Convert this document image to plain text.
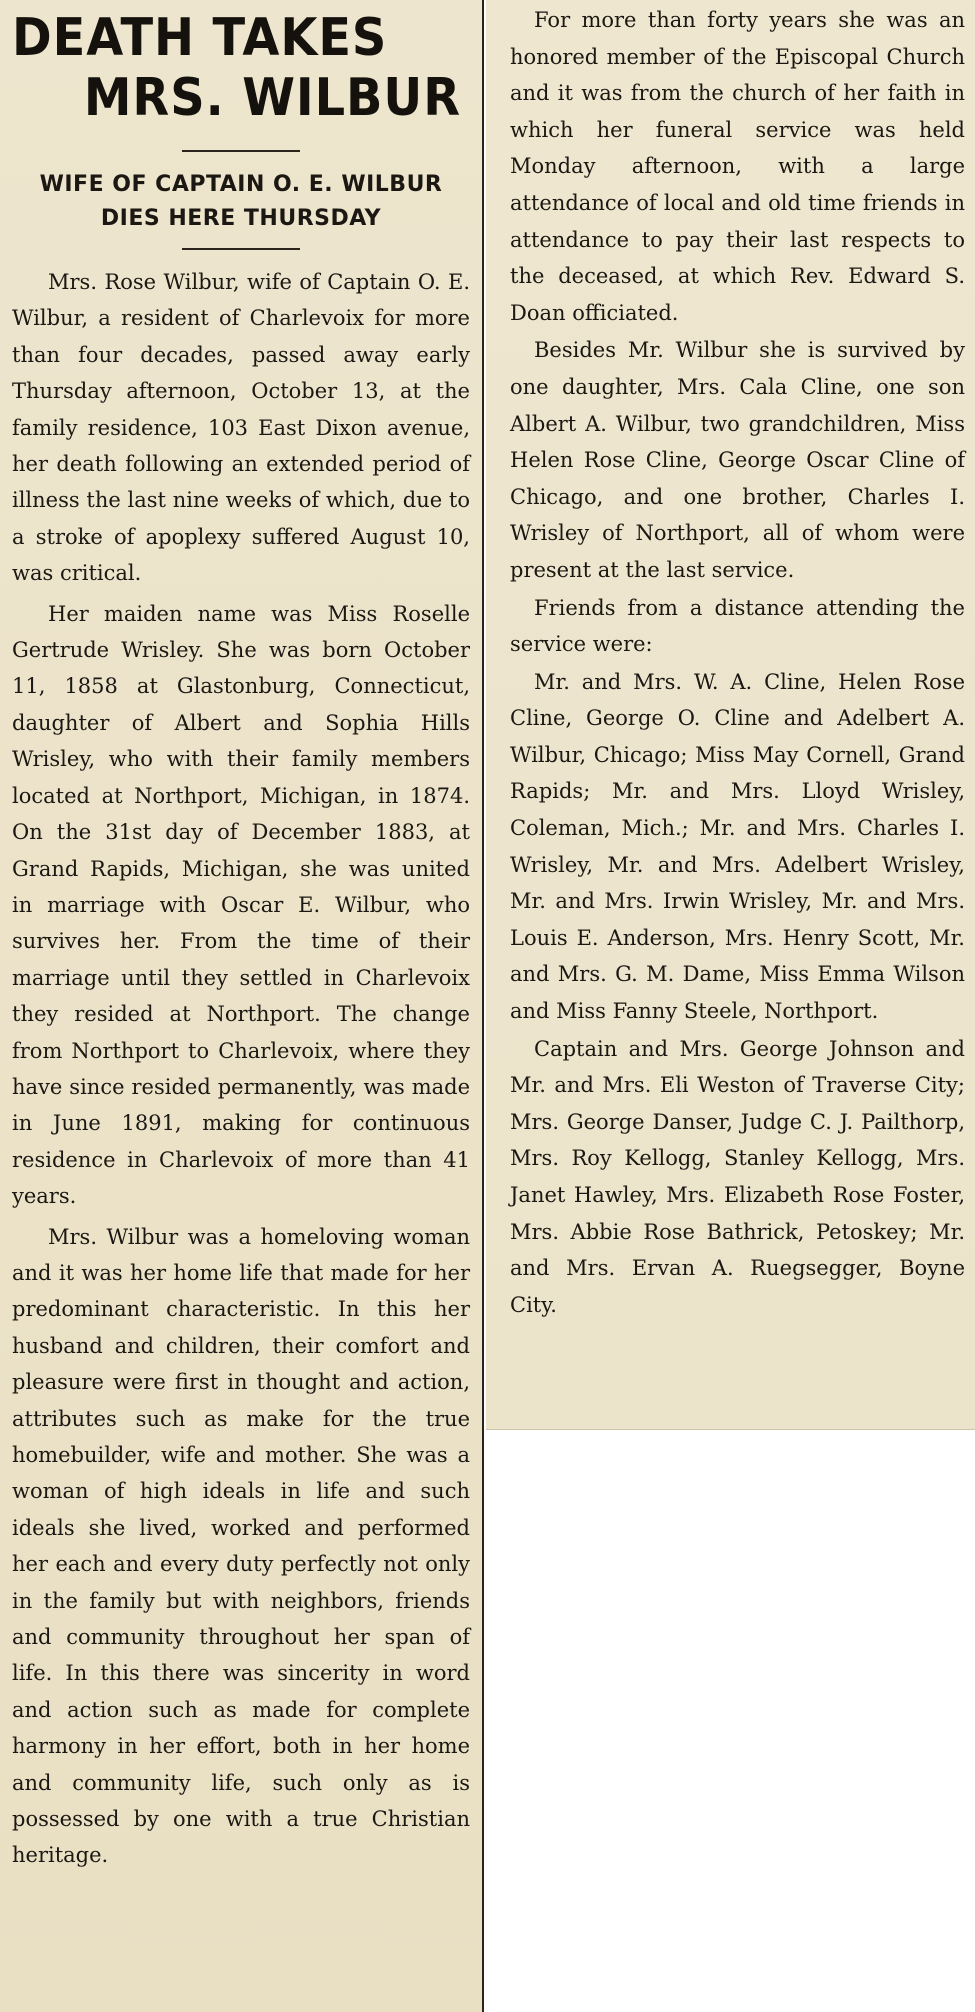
DEATH TAKES
MRS. WILBUR
WIFE OF CAPTAIN O. E. WILBUR
DIES HERE THURSDAY

Mrs. Rose Wilbur, wife of Captain O. E. Wilbur, a resident of Charlevoix for more than four decades, passed away early Thursday afternoon, October 13, at the family residence, 103 East Dixon avenue, her death following an extended period of illness the last nine weeks of which, due to a stroke of apoplexy suffered August 10, was critical.

Her maiden name was Miss Roselle Gertrude Wrisley. She was born October 11, 1858 at Glastonburg, Connecticut, daughter of Albert and Sophia Hills Wrisley, who with their family members located at Northport, Michigan, in 1874. On the 31st day of December 1883, at Grand Rapids, Michigan, she was united in marriage with Oscar E. Wilbur, who survives her. From the time of their marriage until they settled in Charlevoix they resided at Northport. The change from Northport to Charlevoix, where they have since resided permanently, was made in June 1891, making for continuous residence in Charlevoix of more than 41 years.

Mrs. Wilbur was a homeloving woman and it was her home life that made for her predominant characteristic. In this her husband and children, their comfort and pleasure were first in thought and action, attributes such as make for the true homebuilder, wife and mother. She was a woman of high ideals in life and such ideals she lived, worked and performed her each and every duty perfectly not only in the family but with neighbors, friends and community throughout her span of life. In this there was sincerity in word and action such as made for complete harmony in her effort, both in her home and community life, such only as is possessed by one with a true Christian heritage.

For more than forty years she was an honored member of the Episcopal Church and it was from the church of her faith in which her funeral service was held Monday afternoon, with a large attendance of local and old time friends in attendance to pay their last respects to the deceased, at which Rev. Edward S. Doan officiated.

Besides Mr. Wilbur she is survived by one daughter, Mrs. Cala Cline, one son Albert A. Wilbur, two grandchildren, Miss Helen Rose Cline, George Oscar Cline of Chicago, and one brother, Charles I. Wrisley of Northport, all of whom were present at the last service.

Friends from a distance attending the service were:

Mr. and Mrs. W. A. Cline, Helen Rose Cline, George O. Cline and Adelbert A. Wilbur, Chicago; Miss May Cornell, Grand Rapids; Mr. and Mrs. Lloyd Wrisley, Coleman, Mich.; Mr. and Mrs. Charles I. Wrisley, Mr. and Mrs. Adelbert Wrisley, Mr. and Mrs. Irwin Wrisley, Mr. and Mrs. Louis E. Anderson, Mrs. Henry Scott, Mr. and Mrs. G. M. Dame, Miss Emma Wilson and Miss Fanny Steele, Northport.

Captain and Mrs. George Johnson and Mr. and Mrs. Eli Weston of Traverse City; Mrs. George Danser, Judge C. J. Pailthorp, Mrs. Roy Kellogg, Stanley Kellogg, Mrs. Janet Hawley, Mrs. Elizabeth Rose Foster, Mrs. Abbie Rose Bathrick, Petoskey; Mr. and Mrs. Ervan A. Ruegsegger, Boyne City.
